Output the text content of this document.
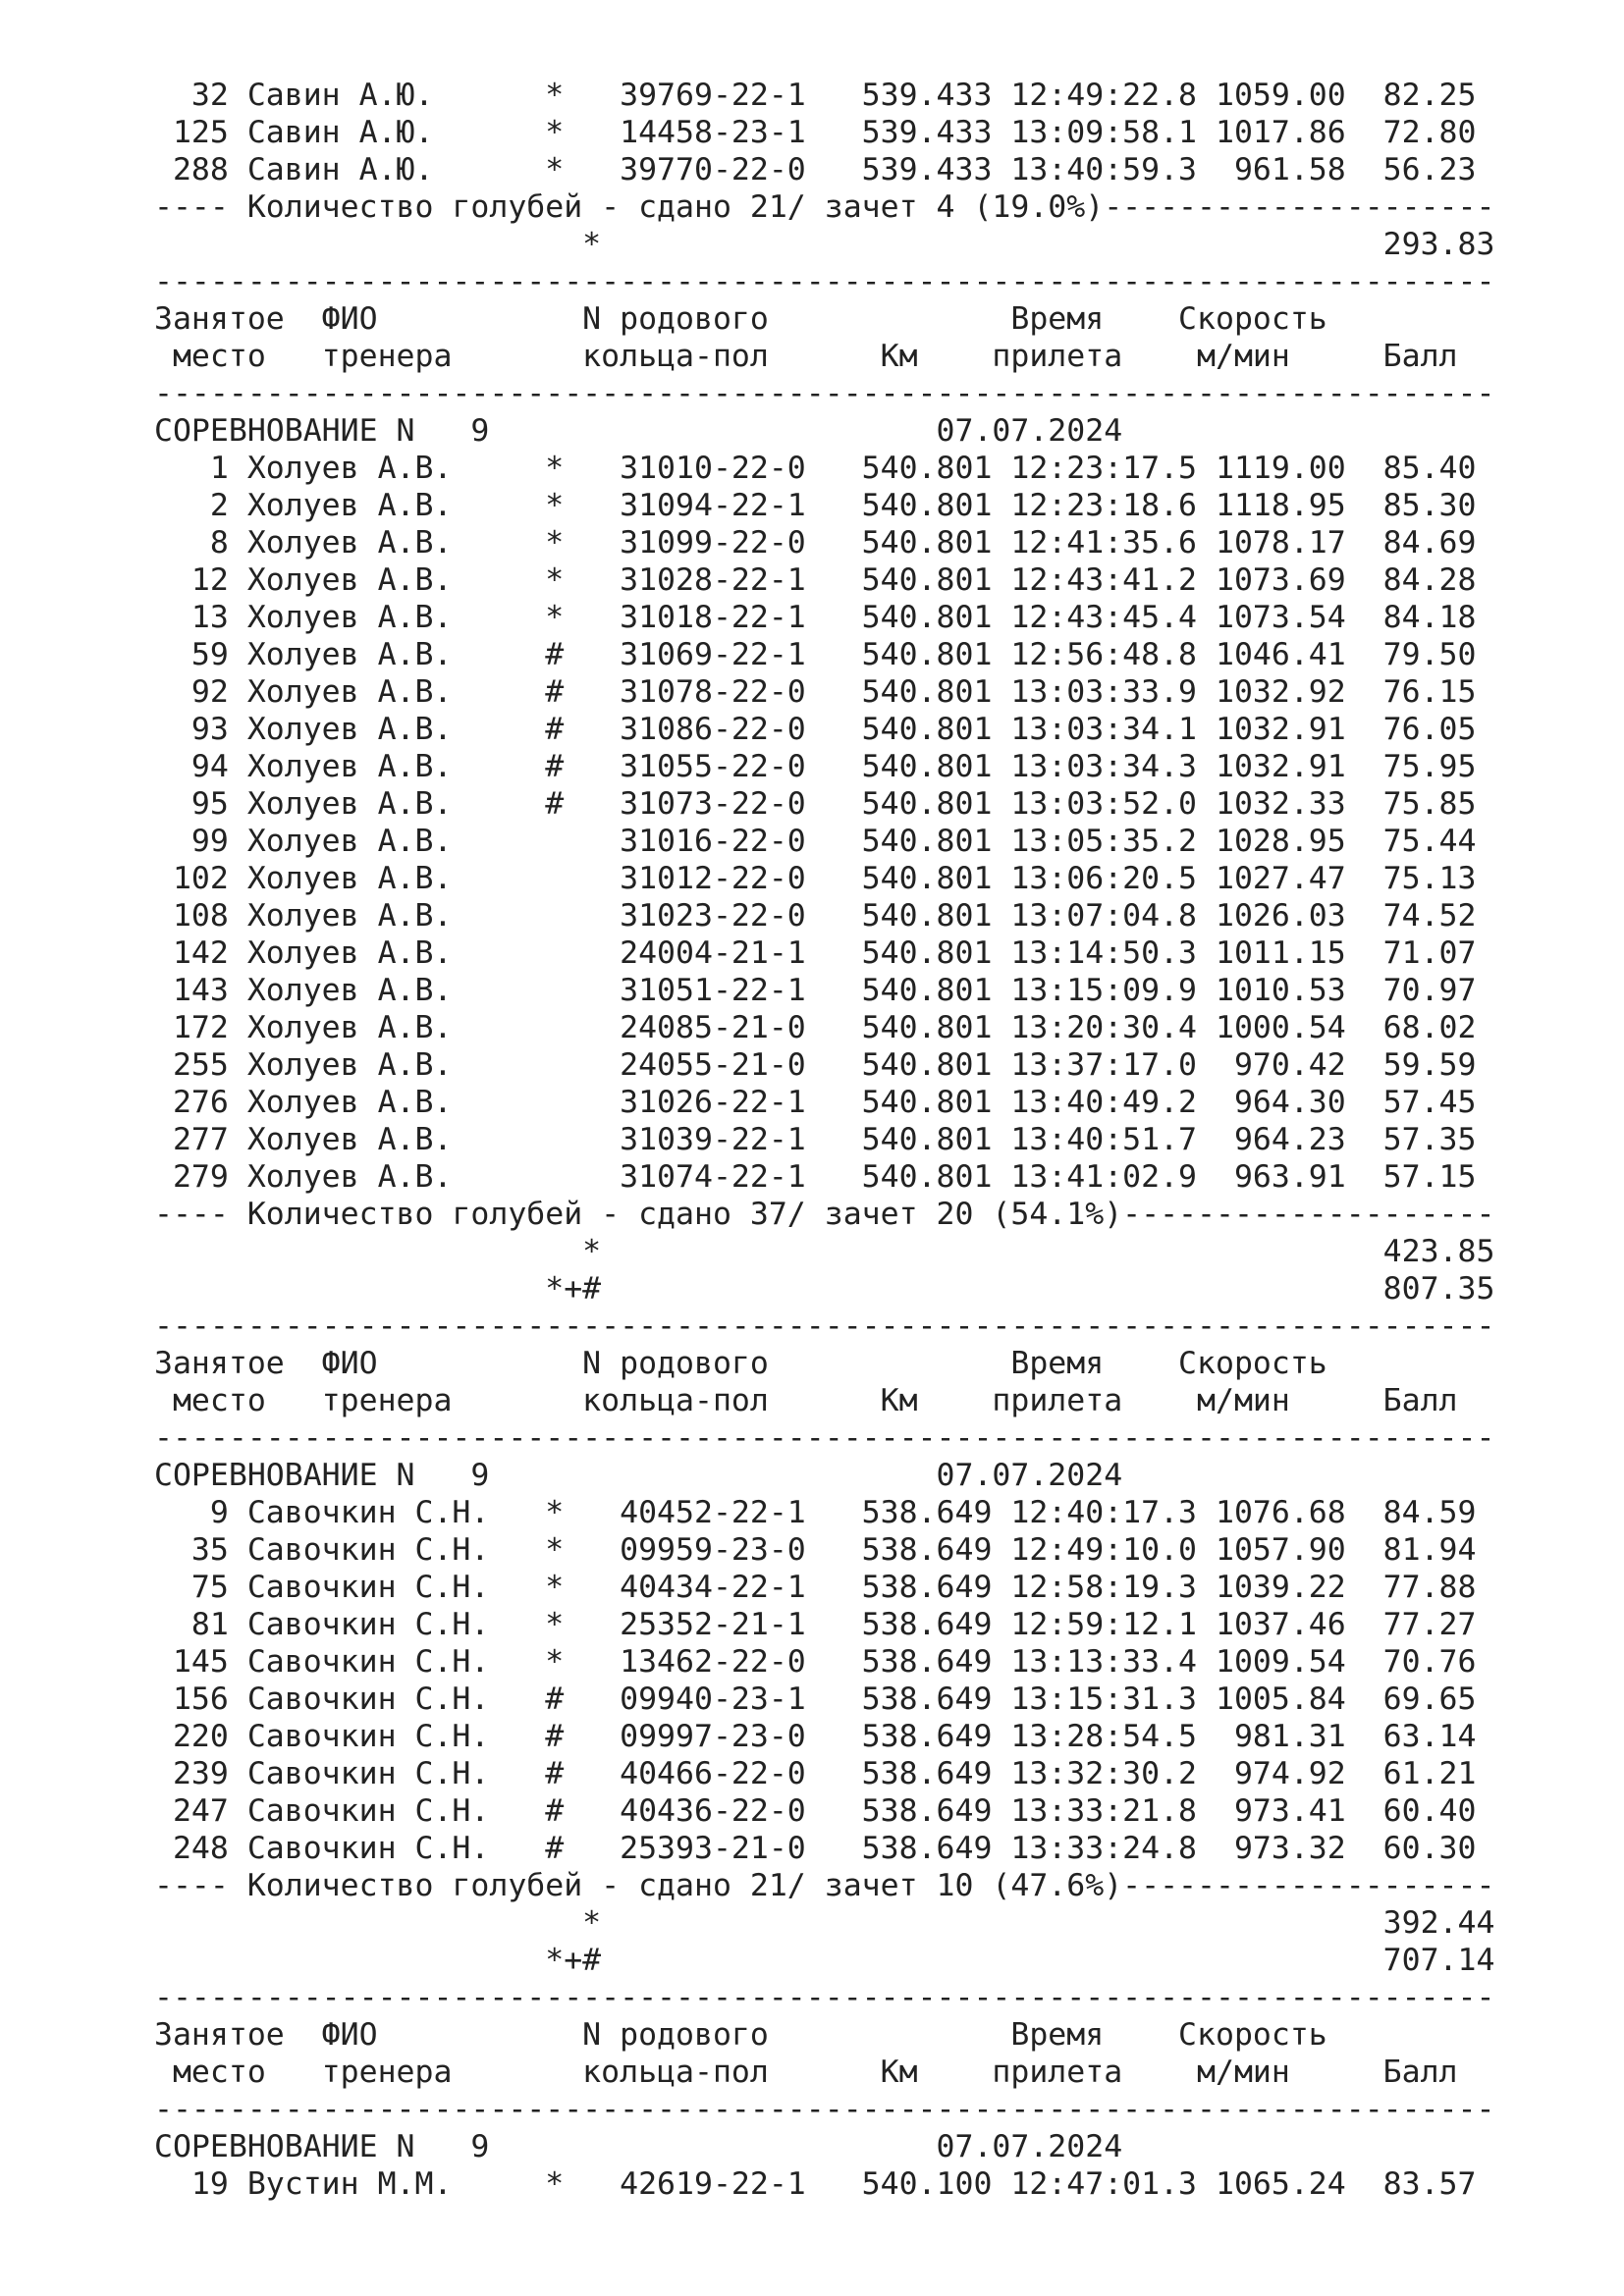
32 Савин А.Ю.      *   39769-22-1   539.433 12:49:22.8 1059.00  82.25
125 Савин А.Ю.      *   14458-23-1   539.433 13:09:58.1 1017.86  72.80
288 Савин А.Ю.      *   39770-22-0   539.433 13:40:59.3  961.58  56.23
---- Количество голубей - сдано 21/ зачет 4 (19.0%)---------------------
*                                          293.83
------------------------------------------------------------------------
Занятое  ФИО           N родового             Время    Скорость
место   тренера       кольца-пол      Км    прилета    м/мин     Балл
------------------------------------------------------------------------
СОРЕВНОВАНИЕ N   9                        07.07.2024
1 Холуев А.В.     *   31010-22-0   540.801 12:23:17.5 1119.00  85.40
2 Холуев А.В.     *   31094-22-1   540.801 12:23:18.6 1118.95  85.30
8 Холуев А.В.     *   31099-22-0   540.801 12:41:35.6 1078.17  84.69
12 Холуев А.В.     *   31028-22-1   540.801 12:43:41.2 1073.69  84.28
13 Холуев А.В.     *   31018-22-1   540.801 12:43:45.4 1073.54  84.18
59 Холуев А.В.     #   31069-22-1   540.801 12:56:48.8 1046.41  79.50
92 Холуев А.В.     #   31078-22-0   540.801 13:03:33.9 1032.92  76.15
93 Холуев А.В.     #   31086-22-0   540.801 13:03:34.1 1032.91  76.05
94 Холуев А.В.     #   31055-22-0   540.801 13:03:34.3 1032.91  75.95
95 Холуев А.В.     #   31073-22-0   540.801 13:03:52.0 1032.33  75.85
99 Холуев А.В.         31016-22-0   540.801 13:05:35.2 1028.95  75.44
102 Холуев А.В.         31012-22-0   540.801 13:06:20.5 1027.47  75.13
108 Холуев А.В.         31023-22-0   540.801 13:07:04.8 1026.03  74.52
142 Холуев А.В.         24004-21-1   540.801 13:14:50.3 1011.15  71.07
143 Холуев А.В.         31051-22-1   540.801 13:15:09.9 1010.53  70.97
172 Холуев А.В.         24085-21-0   540.801 13:20:30.4 1000.54  68.02
255 Холуев А.В.         24055-21-0   540.801 13:37:17.0  970.42  59.59
276 Холуев А.В.         31026-22-1   540.801 13:40:49.2  964.30  57.45
277 Холуев А.В.         31039-22-1   540.801 13:40:51.7  964.23  57.35
279 Холуев А.В.         31074-22-1   540.801 13:41:02.9  963.91  57.15
---- Количество голубей - сдано 37/ зачет 20 (54.1%)--------------------
*                                          423.85
*+#                                          807.35
------------------------------------------------------------------------
Занятое  ФИО           N родового             Время    Скорость
место   тренера       кольца-пол      Км    прилета    м/мин     Балл
------------------------------------------------------------------------
СОРЕВНОВАНИЕ N   9                        07.07.2024
9 Савочкин С.Н.   *   40452-22-1   538.649 12:40:17.3 1076.68  84.59
35 Савочкин С.Н.   *   09959-23-0   538.649 12:49:10.0 1057.90  81.94
75 Савочкин С.Н.   *   40434-22-1   538.649 12:58:19.3 1039.22  77.88
81 Савочкин С.Н.   *   25352-21-1   538.649 12:59:12.1 1037.46  77.27
145 Савочкин С.Н.   *   13462-22-0   538.649 13:13:33.4 1009.54  70.76
156 Савочкин С.Н.   #   09940-23-1   538.649 13:15:31.3 1005.84  69.65
220 Савочкин С.Н.   #   09997-23-0   538.649 13:28:54.5  981.31  63.14
239 Савочкин С.Н.   #   40466-22-0   538.649 13:32:30.2  974.92  61.21
247 Савочкин С.Н.   #   40436-22-0   538.649 13:33:21.8  973.41  60.40
248 Савочкин С.Н.   #   25393-21-0   538.649 13:33:24.8  973.32  60.30
---- Количество голубей - сдано 21/ зачет 10 (47.6%)--------------------
*                                          392.44
*+#                                          707.14
------------------------------------------------------------------------
Занятое  ФИО           N родового             Время    Скорость
место   тренера       кольца-пол      Км    прилета    м/мин     Балл
------------------------------------------------------------------------
СОРЕВНОВАНИЕ N   9                        07.07.2024
19 Вустин М.М.     *   42619-22-1   540.100 12:47:01.3 1065.24  83.57
